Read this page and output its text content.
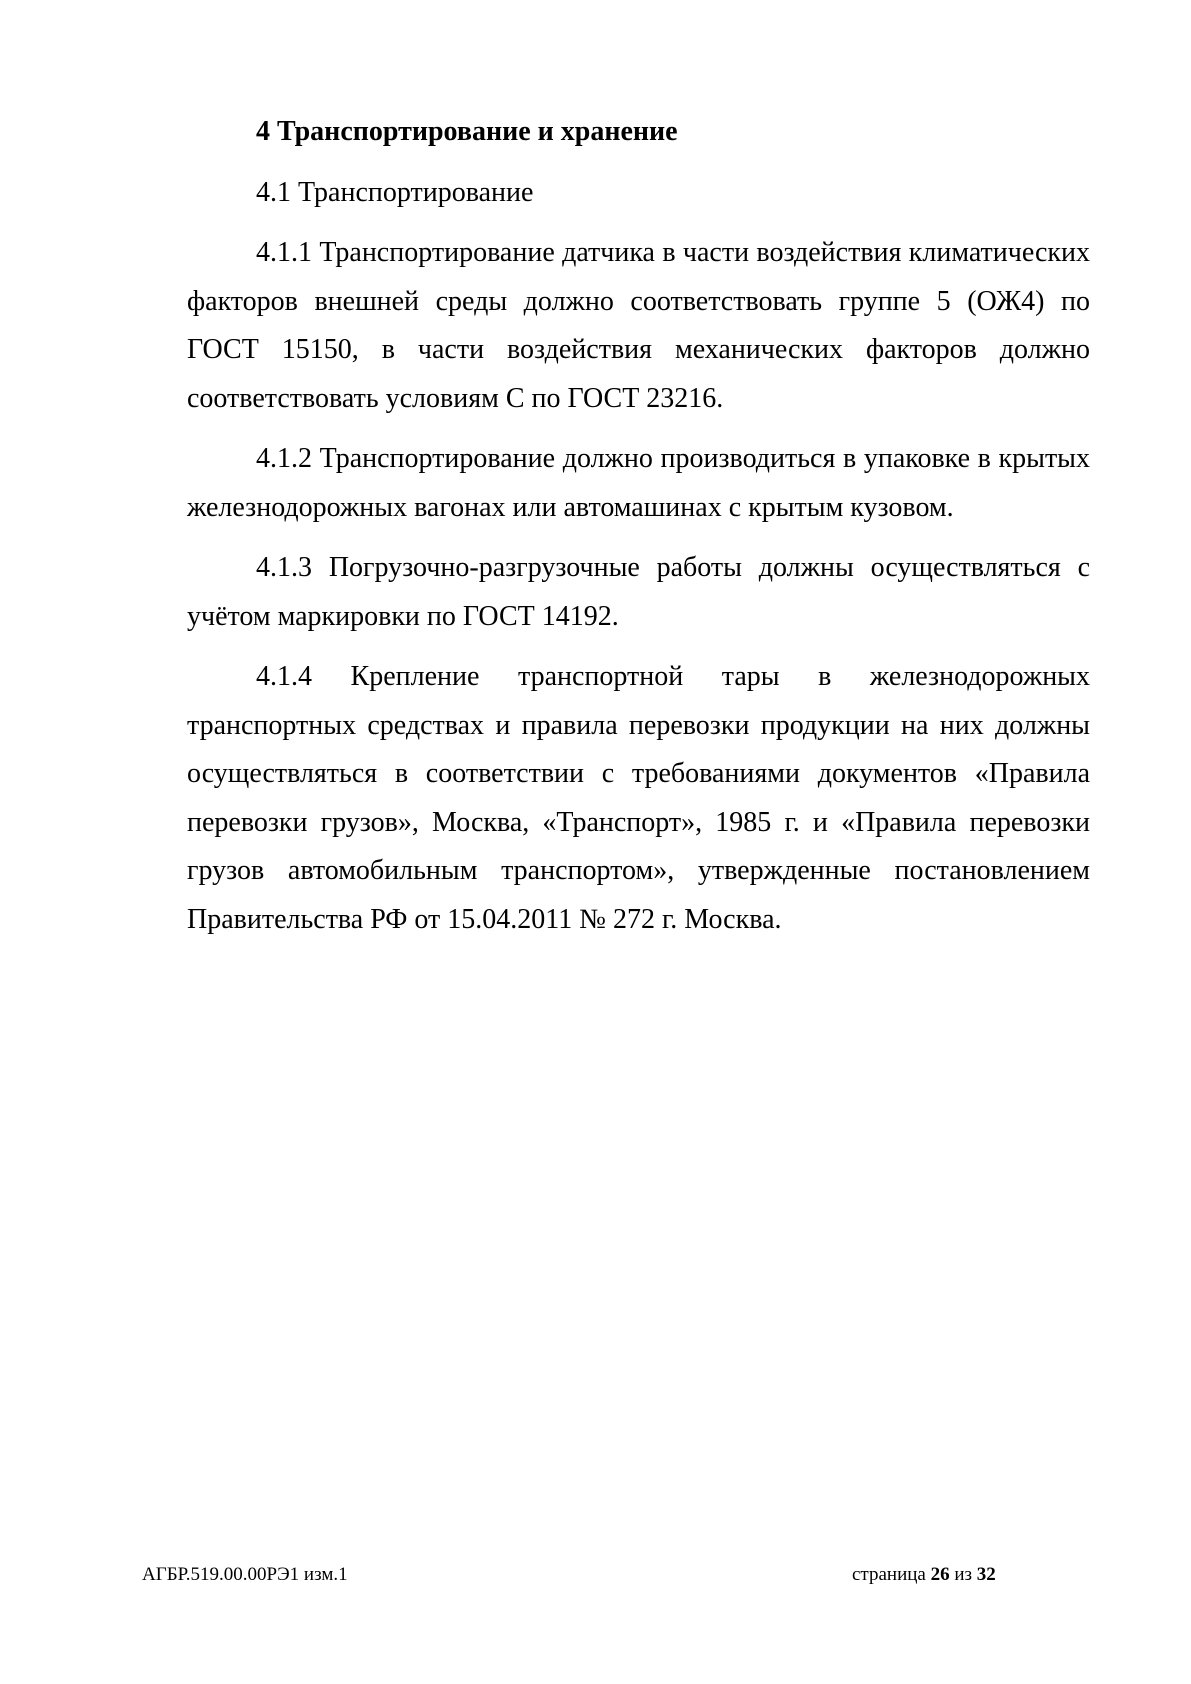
4 Транспортирование и хранение
4.1 Транспортирование

4.1.1 Транспортирование датчика в части воздействия климатических факторов внешней среды должно соответствовать группе 5 (ОЖ4) по ГОСТ 15150, в части воздействия механических факторов должно соответствовать условиям С по ГОСТ 23216.

4.1.2 Транспортирование должно производиться в упаковке в крытых железнодорожных вагонах или автомашинах с крытым кузовом.

4.1.3 Погрузочно-разгрузочные работы должны осуществляться с учётом маркировки по ГОСТ 14192.

4.1.4 Крепление транспортной тары в железнодорожных транспортных средствах и правила перевозки продукции на них должны осуществляться в соответствии с требованиями документов «Правила перевозки грузов», Москва, «Транспорт», 1985 г. и «Правила перевозки грузов автомобильным транспортом», утвержденные постановлением Правительства РФ от 15.04.2011 № 272 г. Москва.

АГБР.519.00.00РЭ1 изм.1	страница 26 из 32
